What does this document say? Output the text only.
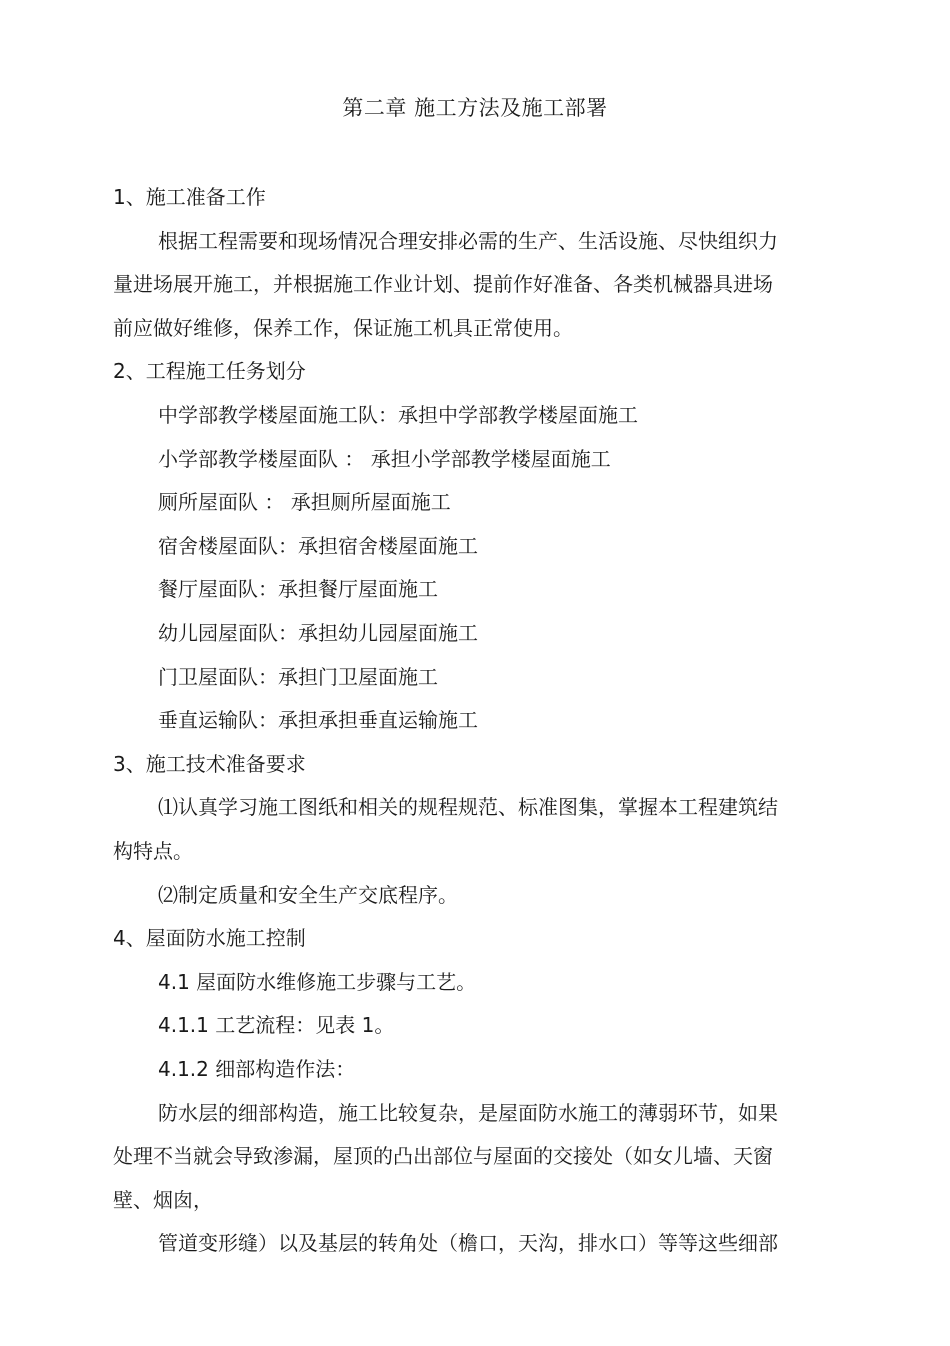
第二章 施工方法及施工部署
1、施工准备工作
根据工程需要和现场情况合理安排必需的生产、生活设施、尽快组织力
量进场展开施工，并根据施工作业计划、提前作好准备、各类机械器具进场
前应做好维修，保养工作，保证施工机具正常使用。
2、工程施工任务划分
中学部教学楼屋面施工队：承担中学部教学楼屋面施工
小学部教学楼屋面队 ： 承担小学部教学楼屋面施工
厕所屋面队 ： 承担厕所屋面施工
宿舍楼屋面队：承担宿舍楼屋面施工
餐厅屋面队：承担餐厅屋面施工
幼儿园屋面队：承担幼儿园屋面施工
门卫屋面队：承担门卫屋面施工
垂直运输队：承担承担垂直运输施工
3、施工技术准备要求
⑴认真学习施工图纸和相关的规程规范、标准图集，掌握本工程建筑结
构特点。
⑵制定质量和安全生产交底程序。
4、屋面防水施工控制
4.1 屋面防水维修施工步骤与工艺。
4.1.1 工艺流程：见表 1。
4.1.2 细部构造作法：
防水层的细部构造，施工比较复杂，是屋面防水施工的薄弱环节，如果
处理不当就会导致渗漏，屋顶的凸出部位与屋面的交接处（如女儿墙、天窗
壁、烟囱，
管道变形缝）以及基层的转角处（檐口，天沟，排水口）等等这些细部
